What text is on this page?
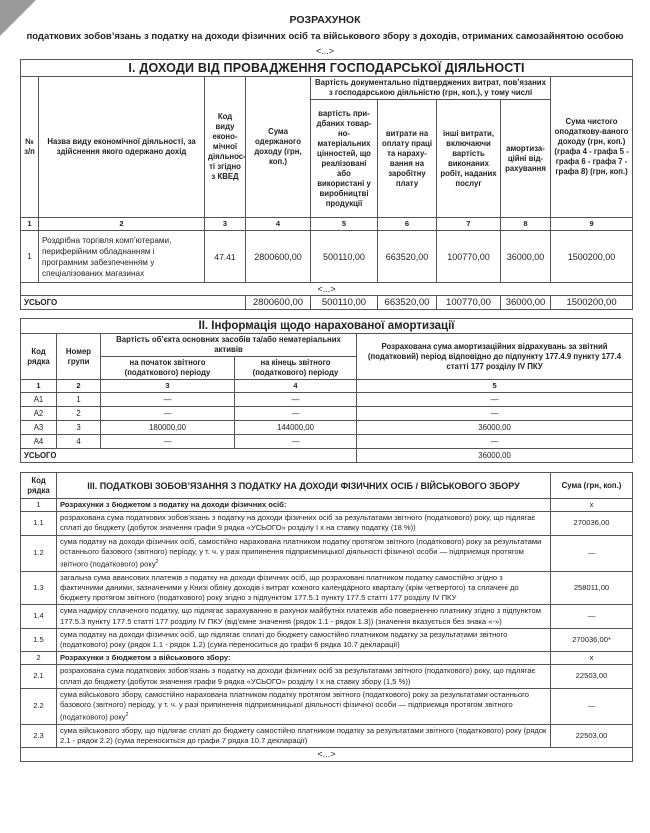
РОЗРАХУНОК
податкових зобов’язань з податку на доходи фізичних осіб та військового збору з доходів, отриманих самозайнятою особою
<...>
І. ДОХОДИ ВІД ПРОВАДЖЕННЯ ГОСПОДАРСЬКОЇ ДІЯЛЬНОСТІ								
№ з/п	Назва виду економічної діяльності, за здійснення якого одержано дохід	Код виду еконо-мічної діяльнос-ті згідно з КВЕД	Сума одержаного доходу (грн, коп.)	Вартість документально підтверджених витрат, пов’язаних з господарською діяльністю (грн, коп.), у тому числі				Сума чистого оподаткову-ваного доходу (грн, коп.) (графа 4 - графа 5 - графа 6 - графа 7 - графа 8) (грн, коп.)
				вартість при-дбаних товар-но-матеріальних цінностей, що реалізовані або використані у виробництві продукції	витрати на оплату праці та нараху-вання на заробітну плату	інші витрати, включаючи вартість виконаних робіт, наданих послуг	амортиза-ційні від-рахування	
1	2	3	4	5	6	7	8	9
1	Роздрібна торгівля комп’ютерами, периферійним обладнанням і програмним забезпеченням у спеціалізованих магазинах	47.41	2800600,00	500110,00	663520,00	100770,00	36000,00	1500200,00
<...>								
УСЬОГО			2800600,00	500110,00	663520,00	100770,00	36000,00	1500200,00
ІІ. Інформація щодо нарахованої амортизації				
Код рядка	Номер групи	Вартість об’єкта основних засобів та/або нематеріальних активів		Розрахована сума амортизаційних відрахувань за звітний (податковий) період відповідно до підпункту 177.4.9 пункту 177.4 статті 177 розділу IV ПКУ
		на початок звітного (податкового) періоду	на кінець звітного (податкового) періоду	
1	2	3	4	5
А1	1	—	—	—
А2	2	—	—	—
А3	3	180000,00	144000,00	36000,00
А4	4	—	—	—
УСЬОГО				36000,00
Код рядка	ІІІ. ПОДАТКОВІ ЗОБОВ’ЯЗАННЯ З ПОДАТКУ НА ДОХОДИ ФІЗИЧНИХ ОСІБ / ВІЙСЬКОВОГО ЗБОРУ	Сума (грн, коп.)
1	Розрахунки з бюджетом з податку на доходи фізичних осіб:	х
1.1	розрахована сума податкових зобов’язань з податку на доходи фізичних осіб за результатами звітного (податкового) року, що підлягає сплаті до бюджету (добуток значення графи 9 рядка «УСЬОГО» розділу І х на ставку податку (18 %))	270036,00
1.2	сума податку на доходи фізичних осіб, самостійно нарахована платником податку протягом звітного (податкового) року за результатами останнього базового (звітного) періоду, у т. ч. у разі припинення підприємницької діяльності фізичної особи — підприємця протягом звітного (податкового) року$^2$	—
1.3	загальна сума авансових платежів з податку на доходи фізичних осіб, що розраховані платником податку самостійно згідно з фактичними даними, зазначеними у Книзі обліку доходів і витрат кожного календарного кварталу (крім четвертого) та сплачені до бюджету протягом звітного (податкового) року згідно з підпунктом 177.5.1 пункту 177.5 статті 177 розділу IV ПКУ	258011,00
1.4	сума надміру сплаченого податку, що підлягає зарахуванню в рахунок майбутніх платежів або поверненню платнику згідно з підпунктом 177.5.3 пункту 177.5 статті 177 розділу IV ПКУ (від’ємне значення (рядок 1.1 - рядок 1.3)) (значення вказується без знака «-»)	—
1.5	сума податку на доходи фізичних осіб, що підлягає сплаті до бюджету самостійно платником податку за результатами звітного (податкового) року (рядок 1.1 - рядок 1.2) (сума переноситься до графи 6 рядка 10.7 декларації)	270036,00*
2	Розрахунки з бюджетом з військового збору:	х
2.1	розрахована сума податкових зобов’язань з податку на доходи фізичних осіб за результатами звітного (податкового) року, що підлягає сплаті до бюджету (добуток значення графи 9 рядка «УСЬОГО» розділу І х на ставку збору (1,5 %))	22503,00
2.2	сума військового збору, самостійно нарахована платником податку протягом звітного (податкового) року за результатами останнього базового (звітного) періоду, у т. ч. у разі припинення підприємницької діяльності фізичної особи — підприємця протягом звітного (податкового) року$^2$	—
2.3	сума військового збору, що підлягає сплаті до бюджету самостійно платником податку за результатами звітного (податкового) року (рядок 2.1 - рядок 2.2) (сума переноситься до графи 7 рядка 10.7 декларації)	22503,00
<...>		
